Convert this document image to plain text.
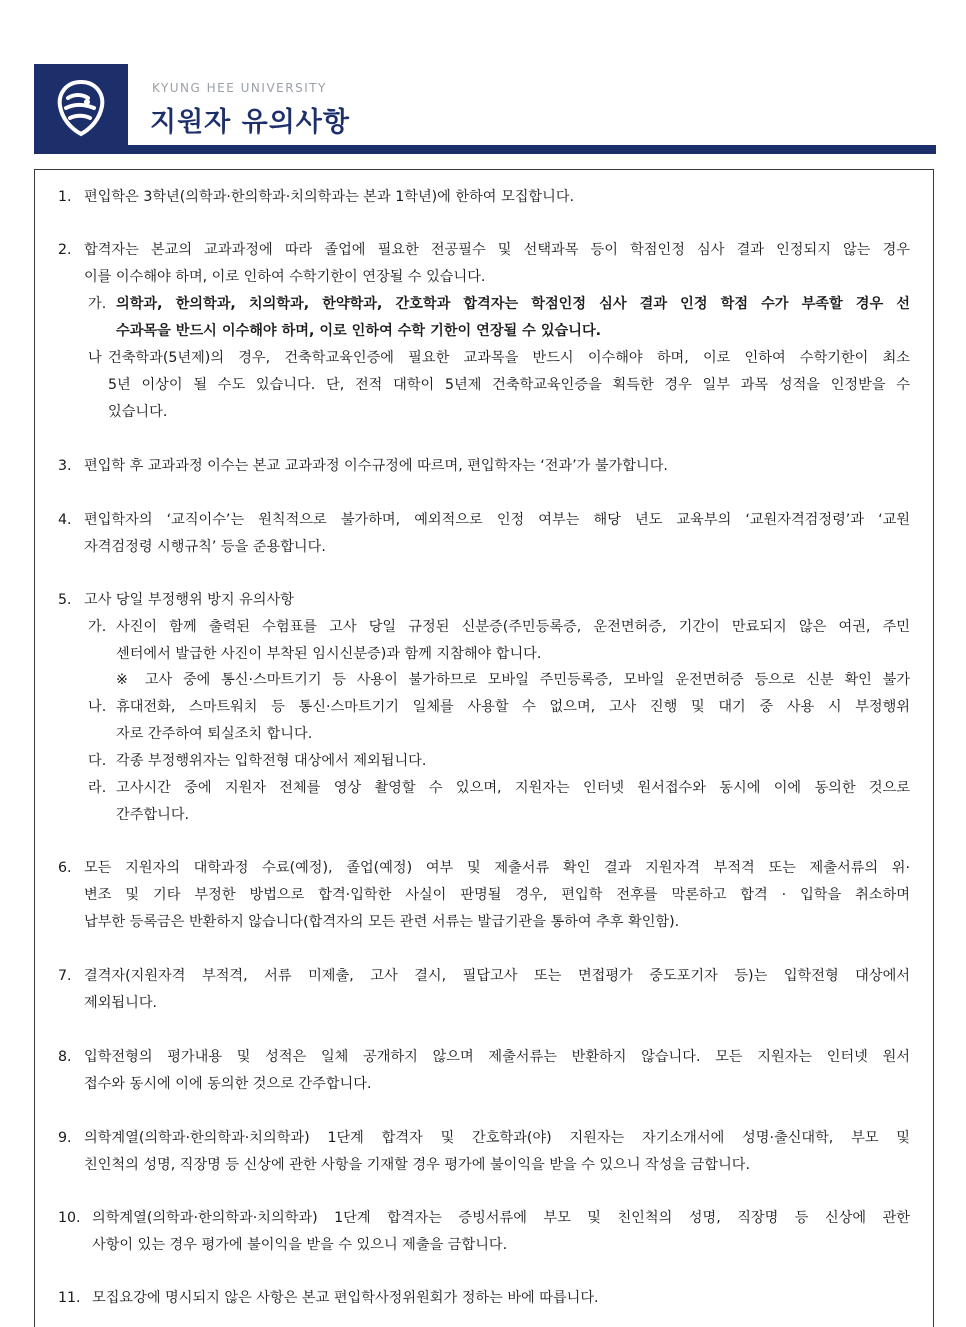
KYUNG HEE UNIVERSITY
지원자 유의사항
1. 편입학은 3학년(의학과·한의학과·치의학과는 본과 1학년)에 한하여 모집합니다.
2. 합격자는 본교의 교과과정에 따라 졸업에 필요한 전공필수 및 선택과목 등이 학점인정 심사 결과 인정되지 않는 경우
이를 이수해야 하며, 이로 인하여 수학기한이 연장될 수 있습니다.
가. 의학과, 한의학과, 치의학과, 한약학과, 간호학과 합격자는 학점인정 심사 결과 인정 학점 수가 부족할 경우 선
수과목을 반드시 이수해야 하며, 이로 인하여 수학 기한이 연장될 수 있습니다.
나 건축학과(5년제)의 경우, 건축학교육인증에 필요한 교과목을 반드시 이수해야 하며, 이로 인하여 수학기한이 최소
5년 이상이 될 수도 있습니다. 단, 전적 대학이 5년제 건축학교육인증을 획득한 경우 일부 과목 성적을 인정받을 수
있습니다.
3. 편입학 후 교과과정 이수는 본교 교과과정 이수규정에 따르며, 편입학자는 ‘전과’가 불가합니다.
4. 편입학자의 ‘교직이수’는 원칙적으로 불가하며, 예외적으로 인정 여부는 해당 년도 교육부의 ‘교원자격검정령’과 ‘교원
자격검정령 시행규칙’ 등을 준용합니다.
5. 고사 당일 부정행위 방지 유의사항
가. 사진이 함께 출력된 수험표를 고사 당일 규정된 신분증(주민등록증, 운전면허증, 기간이 만료되지 않은 여권, 주민
센터에서 발급한 사진이 부착된 임시신분증)과 함께 지참해야 합니다.
※ 고사 중에 통신·스마트기기 등 사용이 불가하므로 모바일 주민등록증, 모바일 운전면허증 등으로 신분 확인 불가
나. 휴대전화, 스마트워치 등 통신·스마트기기 일체를 사용할 수 없으며, 고사 진행 및 대기 중 사용 시 부정행위
자로 간주하여 퇴실조치 합니다.
다. 각종 부정행위자는 입학전형 대상에서 제외됩니다.
라. 고사시간 중에 지원자 전체를 영상 촬영할 수 있으며, 지원자는 인터넷 원서접수와 동시에 이에 동의한 것으로
간주합니다.
6. 모든 지원자의 대학과정 수료(예정), 졸업(예정) 여부 및 제출서류 확인 결과 지원자격 부적격 또는 제출서류의 위·
변조 및 기타 부정한 방법으로 합격·입학한 사실이 판명될 경우, 편입학 전후를 막론하고 합격 · 입학을 취소하며
납부한 등록금은 반환하지 않습니다(합격자의 모든 관련 서류는 발급기관을 통하여 추후 확인함).
7. 결격자(지원자격 부적격, 서류 미제출, 고사 결시, 필답고사 또는 면접평가 중도포기자 등)는 입학전형 대상에서
제외됩니다.
8. 입학전형의 평가내용 및 성적은 일체 공개하지 않으며 제출서류는 반환하지 않습니다. 모든 지원자는 인터넷 원서
접수와 동시에 이에 동의한 것으로 간주합니다.
9. 의학계열(의학과·한의학과·치의학과) 1단계 합격자 및 간호학과(야) 지원자는 자기소개서에 성명·출신대학, 부모 및
친인척의 성명, 직장명 등 신상에 관한 사항을 기재할 경우 평가에 불이익을 받을 수 있으니 작성을 금합니다.
10. 의학계열(의학과·한의학과·치의학과) 1단계 합격자는 증빙서류에 부모 및 친인척의 성명, 직장명 등 신상에 관한
사항이 있는 경우 평가에 불이익을 받을 수 있으니 제출을 금합니다.
11. 모집요강에 명시되지 않은 사항은 본교 편입학사정위원회가 정하는 바에 따릅니다.
